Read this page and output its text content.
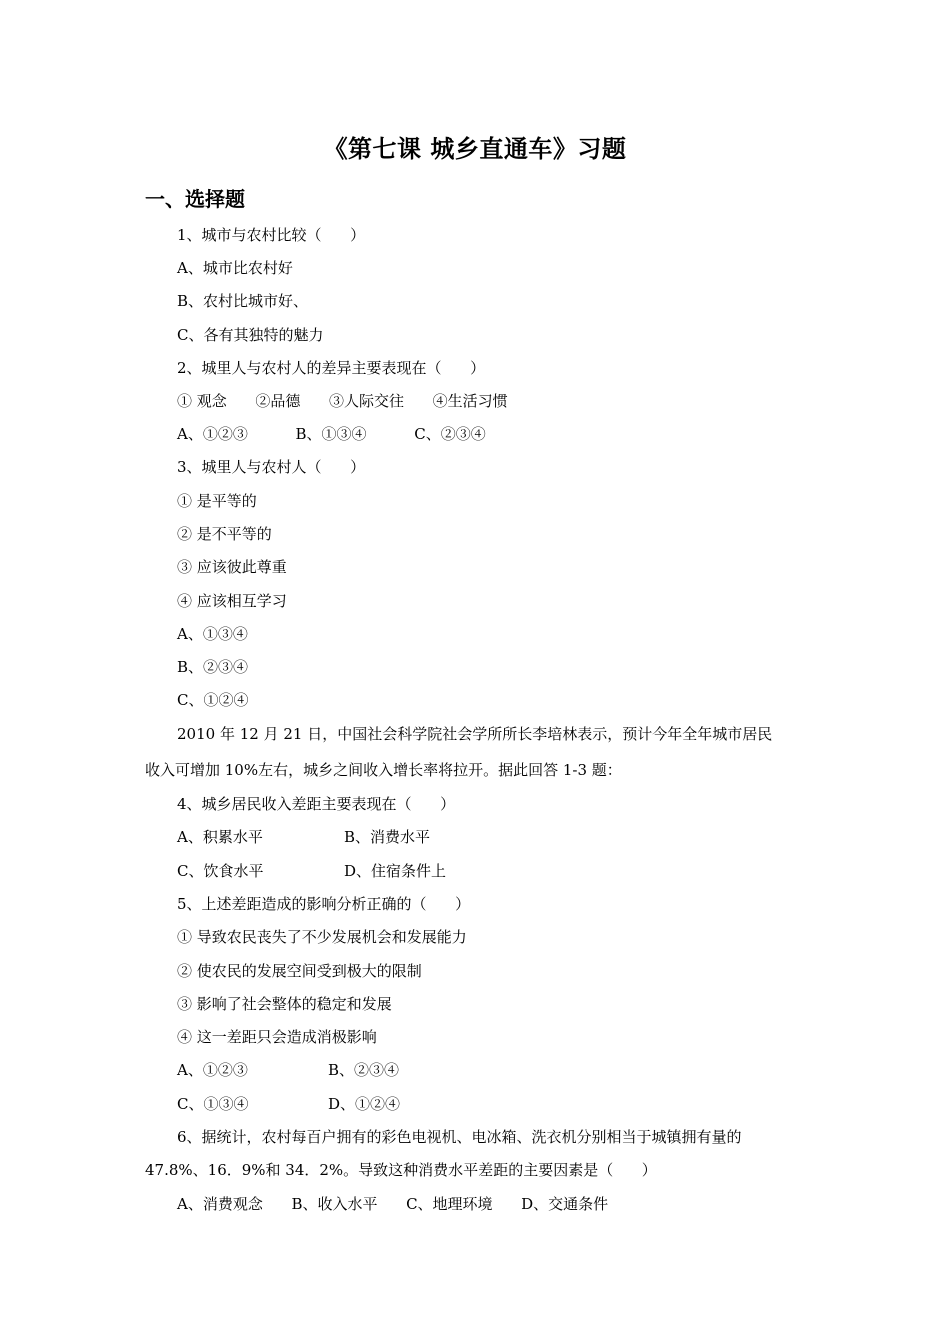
《第七课 城乡直通车》习题
一、选择题
1、城市与农村比较（      ）
A、城市比农村好
B、农村比城市好、
C、各有其独特的魅力
2、城里人与农村人的差异主要表现在（      ）
① 观念      ②品德      ③人际交往      ④生活习惯
A、①②③          B、①③④          C、②③④
3、城里人与农村人（      ）
① 是平等的
② 是不平等的
③ 应该彼此尊重
④ 应该相互学习
A、①③④
B、②③④
C、①②④
2010 年 12 月 21 日，中国社会科学院社会学所所长李培林表示，预计今年全年城市居民
收入可增加 10%左右，城乡之间收入增长率将拉开。据此回答 1-3 题：
4、城乡居民收入差距主要表现在（      ）
A、积累水平	B、消费水平
C、饮食水平	D、住宿条件上
5、上述差距造成的影响分析正确的（      ）
① 导致农民丧失了不少发展机会和发展能力
② 使农民的发展空间受到极大的限制
③ 影响了社会整体的稳定和发展
④ 这一差距只会造成消极影响
A、①②③	B、②③④
C、①③④	D、①②④
6、据统计，农村每百户拥有的彩色电视机、电冰箱、洗衣机分别相当于城镇拥有量的
47.8%、16．9%和 34．2%。导致这种消费水平差距的主要因素是（      ）
A、消费观念      B、收入水平      C、地理环境      D、交通条件
